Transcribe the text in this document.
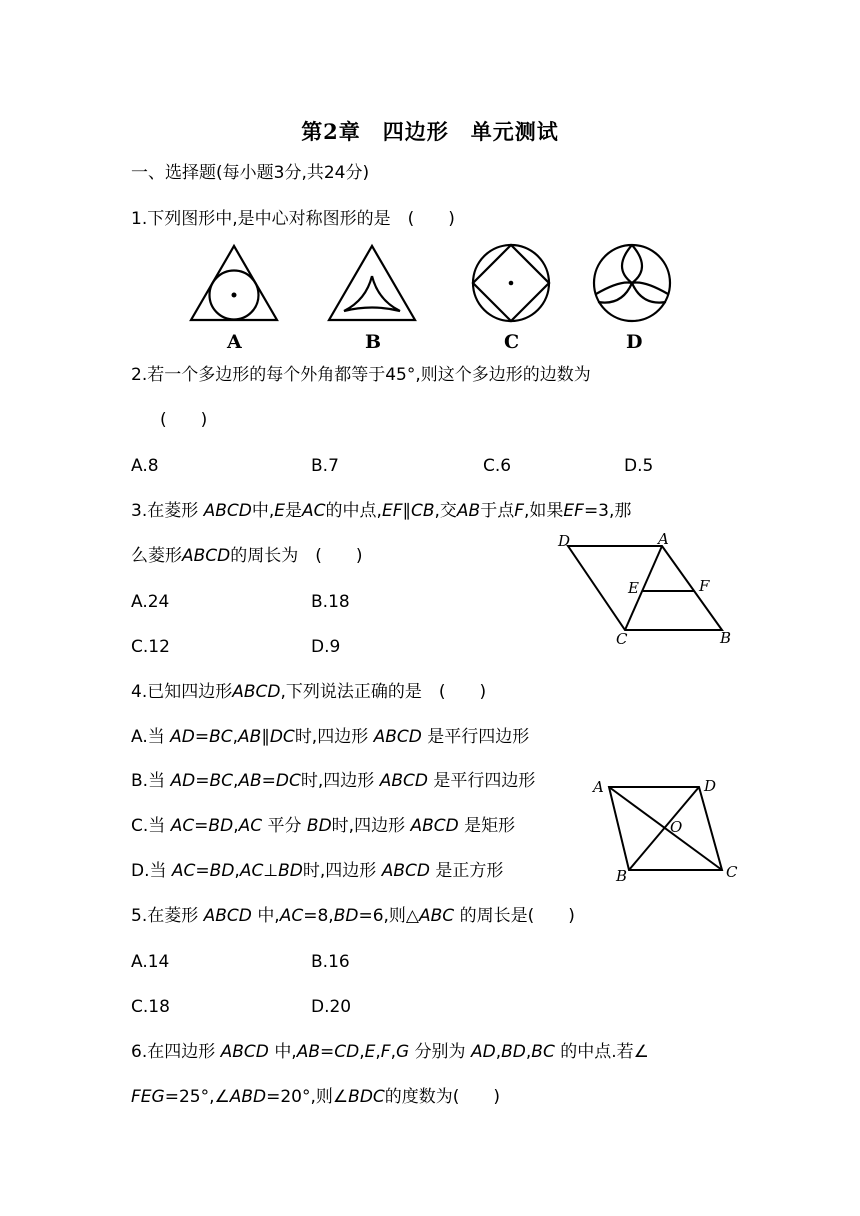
第2章　四边形　单元测试
一、选择题(每小题3分,共24分)
1.下列图形中,是中心对称图形的是　(　　)
A	B	C	D
2.若一个多边形的每个外角都等于45°,则这个多边形的边数为
(　　)
A.8	B.7	C.6	D.5
3.在菱形 ABCD中,E是AC的中点,EF∥CB,交AB于点F,如果EF=3,那
么菱形ABCD的周长为　(　　)
A.24	B.18
C.12	D.9
D	A
E	F
C	B
4.已知四边形ABCD,下列说法正确的是　(　　)
A.当 AD=BC,AB∥DC时,四边形 ABCD 是平行四边形
B.当 AD=BC,AB=DC时,四边形 ABCD 是平行四边形
C.当 AC=BD,AC 平分 BD时,四边形 ABCD 是矩形
D.当 AC=BD,AC⊥BD时,四边形 ABCD 是正方形
A	D
O
B	C
5.在菱形 ABCD 中,AC=8,BD=6,则△ABC 的周长是(　　)
A.14	B.16
C.18	D.20
6.在四边形 ABCD 中,AB=CD,E,F,G 分别为 AD,BD,BC 的中点.若∠
FEG=25°,∠ABD=20°,则∠BDC的度数为(　　)
